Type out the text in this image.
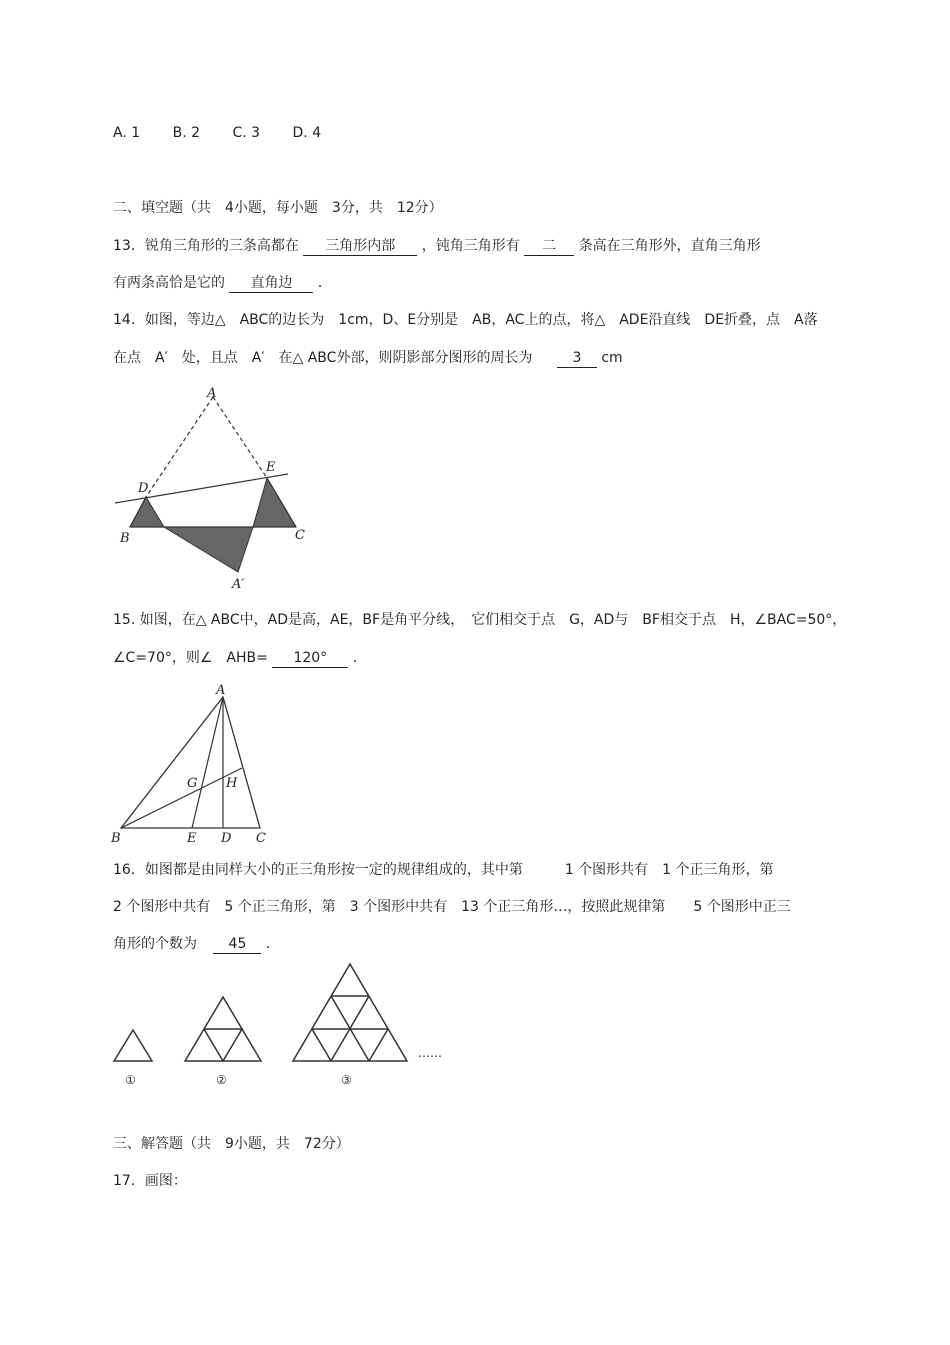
A. 1 B. 2 C. 3 D. 4
二、填空题（共　4小题，每小题　3分，共　12分）
13．锐角三角形的三条高都在 三角形内部 ，钝角三角形有 二 条高在三角形外，直角三角形
有两条高恰是它的 直角边 ．
14．如图，等边△　ABC的边长为　1cm，D、E分别是　AB，AC上的点，将△　ADE沿直线　DE折叠，点　A落
在点　A′　处，且点　A′　在△ ABC外部，则阴影部分图形的周长为	3 cm
A
B	C
D
E
A′
15. 如图，在△ ABC中，AD是高，AE，BF是角平分线，　它们相交于点　G，AD与　BF相交于点　H，∠BAC=50°，
∠C=70°，则∠　AHB= 120° ．
A
B	C
D
E
G H
16．如图都是由同样大小的正三角形按一定的规律组成的，其中第　　　1 个图形共有　1 个正三角形，第
2 个图形中共有　5 个正三角形，第　3 个图形中共有　13 个正三角形…，按照此规律第　　5 个图形中正三
角形的个数为 45 ．
①	②	③
……
三、解答题（共　9小题，共　72分）
17．画图：
